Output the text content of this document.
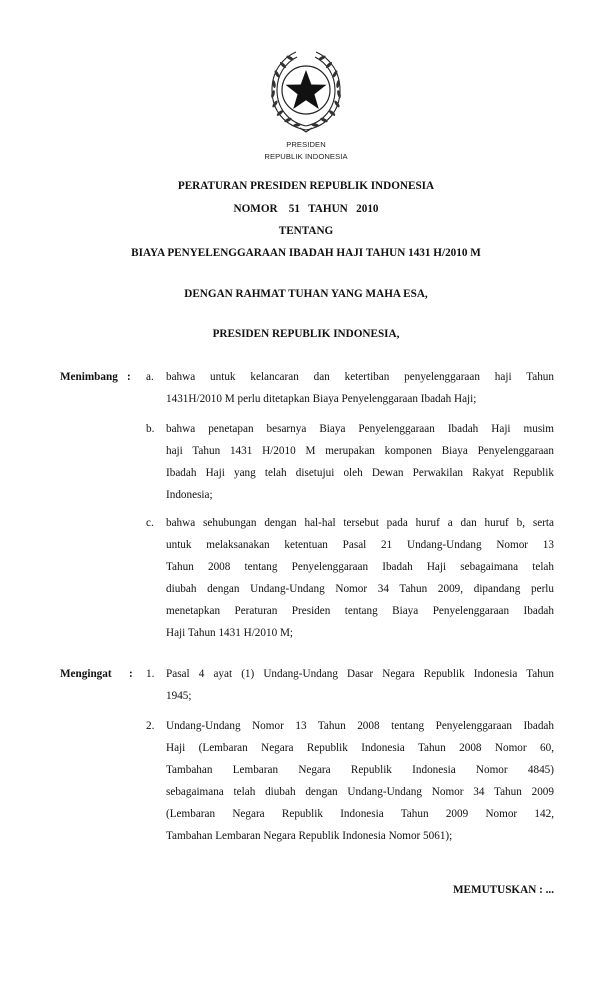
PRESIDEN
REPUBLIK INDONESIA
PERATURAN PRESIDEN REPUBLIK INDONESIA
NOMOR    51   TAHUN   2010
TENTANG
BIAYA PENYELENGGARAAN IBADAH HAJI TAHUN 1431 H/2010 M
DENGAN RAHMAT TUHAN YANG MAHA ESA,
PRESIDEN REPUBLIK INDONESIA,
Menimbang : a.	bahwa untuk kelancaran dan ketertiban penyelenggaraan haji Tahun
1431H/2010 M perlu ditetapkan Biaya Penyelenggaraan Ibadah Haji;
b.	bahwa penetapan besarnya Biaya Penyelenggaraan Ibadah Haji musim
haji Tahun 1431 H/2010 M merupakan komponen Biaya Penyelenggaraan
Ibadah Haji yang telah disetujui oleh Dewan Perwakilan Rakyat Republik
Indonesia;
c.	bahwa sehubungan dengan hal-hal tersebut pada huruf a dan huruf b, serta
untuk melaksanakan ketentuan Pasal 21 Undang-Undang Nomor 13
Tahun 2008 tentang Penyelenggaraan Ibadah Haji sebagaimana telah
diubah dengan Undang-Undang Nomor 34 Tahun 2009, dipandang perlu
menetapkan Peraturan Presiden tentang Biaya Penyelenggaraan Ibadah
Haji Tahun 1431 H/2010 M;
Mengingat : 1.	Pasal 4 ayat (1) Undang-Undang Dasar Negara Republik Indonesia Tahun
1945;
2.	Undang-Undang Nomor 13 Tahun 2008 tentang Penyelenggaraan Ibadah
Haji (Lembaran Negara Republik Indonesia Tahun 2008 Nomor 60,
Tambahan Lembaran Negara Republik Indonesia Nomor 4845)
sebagaimana telah diubah dengan Undang-Undang Nomor 34 Tahun 2009
(Lembaran Negara Republik Indonesia Tahun 2009 Nomor 142,
Tambahan Lembaran Negara Republik Indonesia Nomor 5061);
MEMUTUSKAN : ...
